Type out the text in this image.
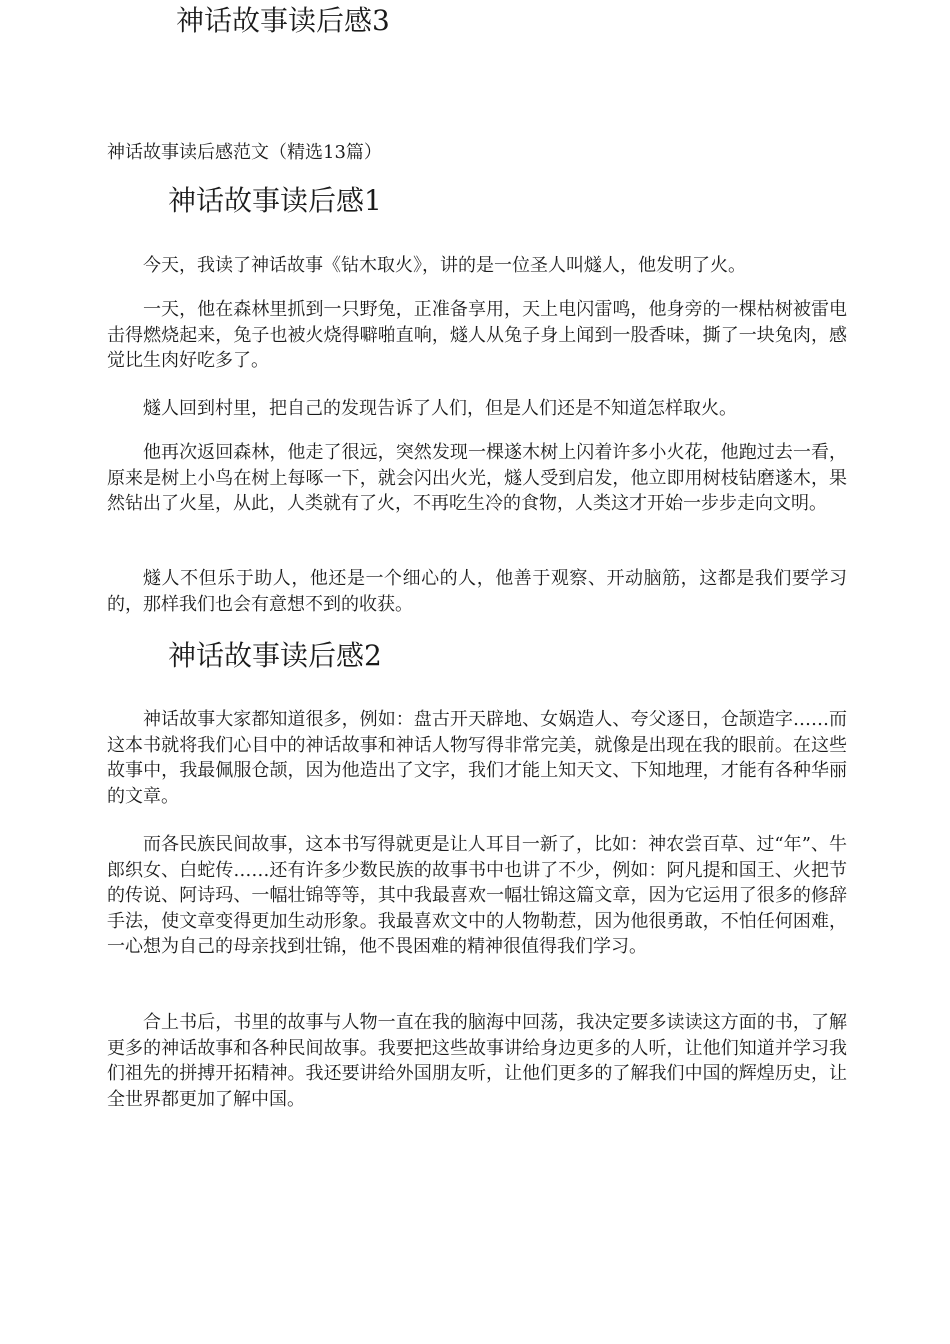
神话故事读后感3

神话故事读后感范文（精选13篇）

神话故事读后感1

今天，我读了神话故事《钻木取火》，讲的是一位圣人叫燧人，他发明了火。

一天，他在森林里抓到一只野兔，正准备享用，天上电闪雷鸣，他身旁的一棵枯树被雷电击得燃烧起来，兔子也被火烧得噼啪直响，燧人从兔子身上闻到一股香味，撕了一块兔肉，感觉比生肉好吃多了。

燧人回到村里，把自己的发现告诉了人们，但是人们还是不知道怎样取火。

他再次返回森林，他走了很远，突然发现一棵遂木树上闪着许多小火花，他跑过去一看，原来是树上小鸟在树上每啄一下，就会闪出火光，燧人受到启发，他立即用树枝钻磨遂木，果然钻出了火星，从此，人类就有了火，不再吃生冷的食物，人类这才开始一步步走向文明。

燧人不但乐于助人，他还是一个细心的人，他善于观察、开动脑筋，这都是我们要学习的，那样我们也会有意想不到的收获。

神话故事读后感2

神话故事大家都知道很多，例如：盘古开天辟地、女娲造人、夸父逐日，仓颉造字……而这本书就将我们心目中的神话故事和神话人物写得非常完美，就像是出现在我的眼前。在这些故事中，我最佩服仓颉，因为他造出了文字，我们才能上知天文、下知地理，才能有各种华丽的文章。

而各民族民间故事，这本书写得就更是让人耳目一新了，比如：神农尝百草、过“年”、牛郎织女、白蛇传……还有许多少数民族的故事书中也讲了不少，例如：阿凡提和国王、火把节的传说、阿诗玛、一幅壮锦等等，其中我最喜欢一幅壮锦这篇文章，因为它运用了很多的修辞手法，使文章变得更加生动形象。我最喜欢文中的人物勒惹，因为他很勇敢，不怕任何困难，一心想为自己的母亲找到壮锦，他不畏困难的精神很值得我们学习。

合上书后，书里的故事与人物一直在我的脑海中回荡，我决定要多读读这方面的书，了解更多的神话故事和各种民间故事。我要把这些故事讲给身边更多的人听，让他们知道并学习我们祖先的拼搏开拓精神。我还要讲给外国朋友听，让他们更多的了解我们中国的辉煌历史，让全世界都更加了解中国。
